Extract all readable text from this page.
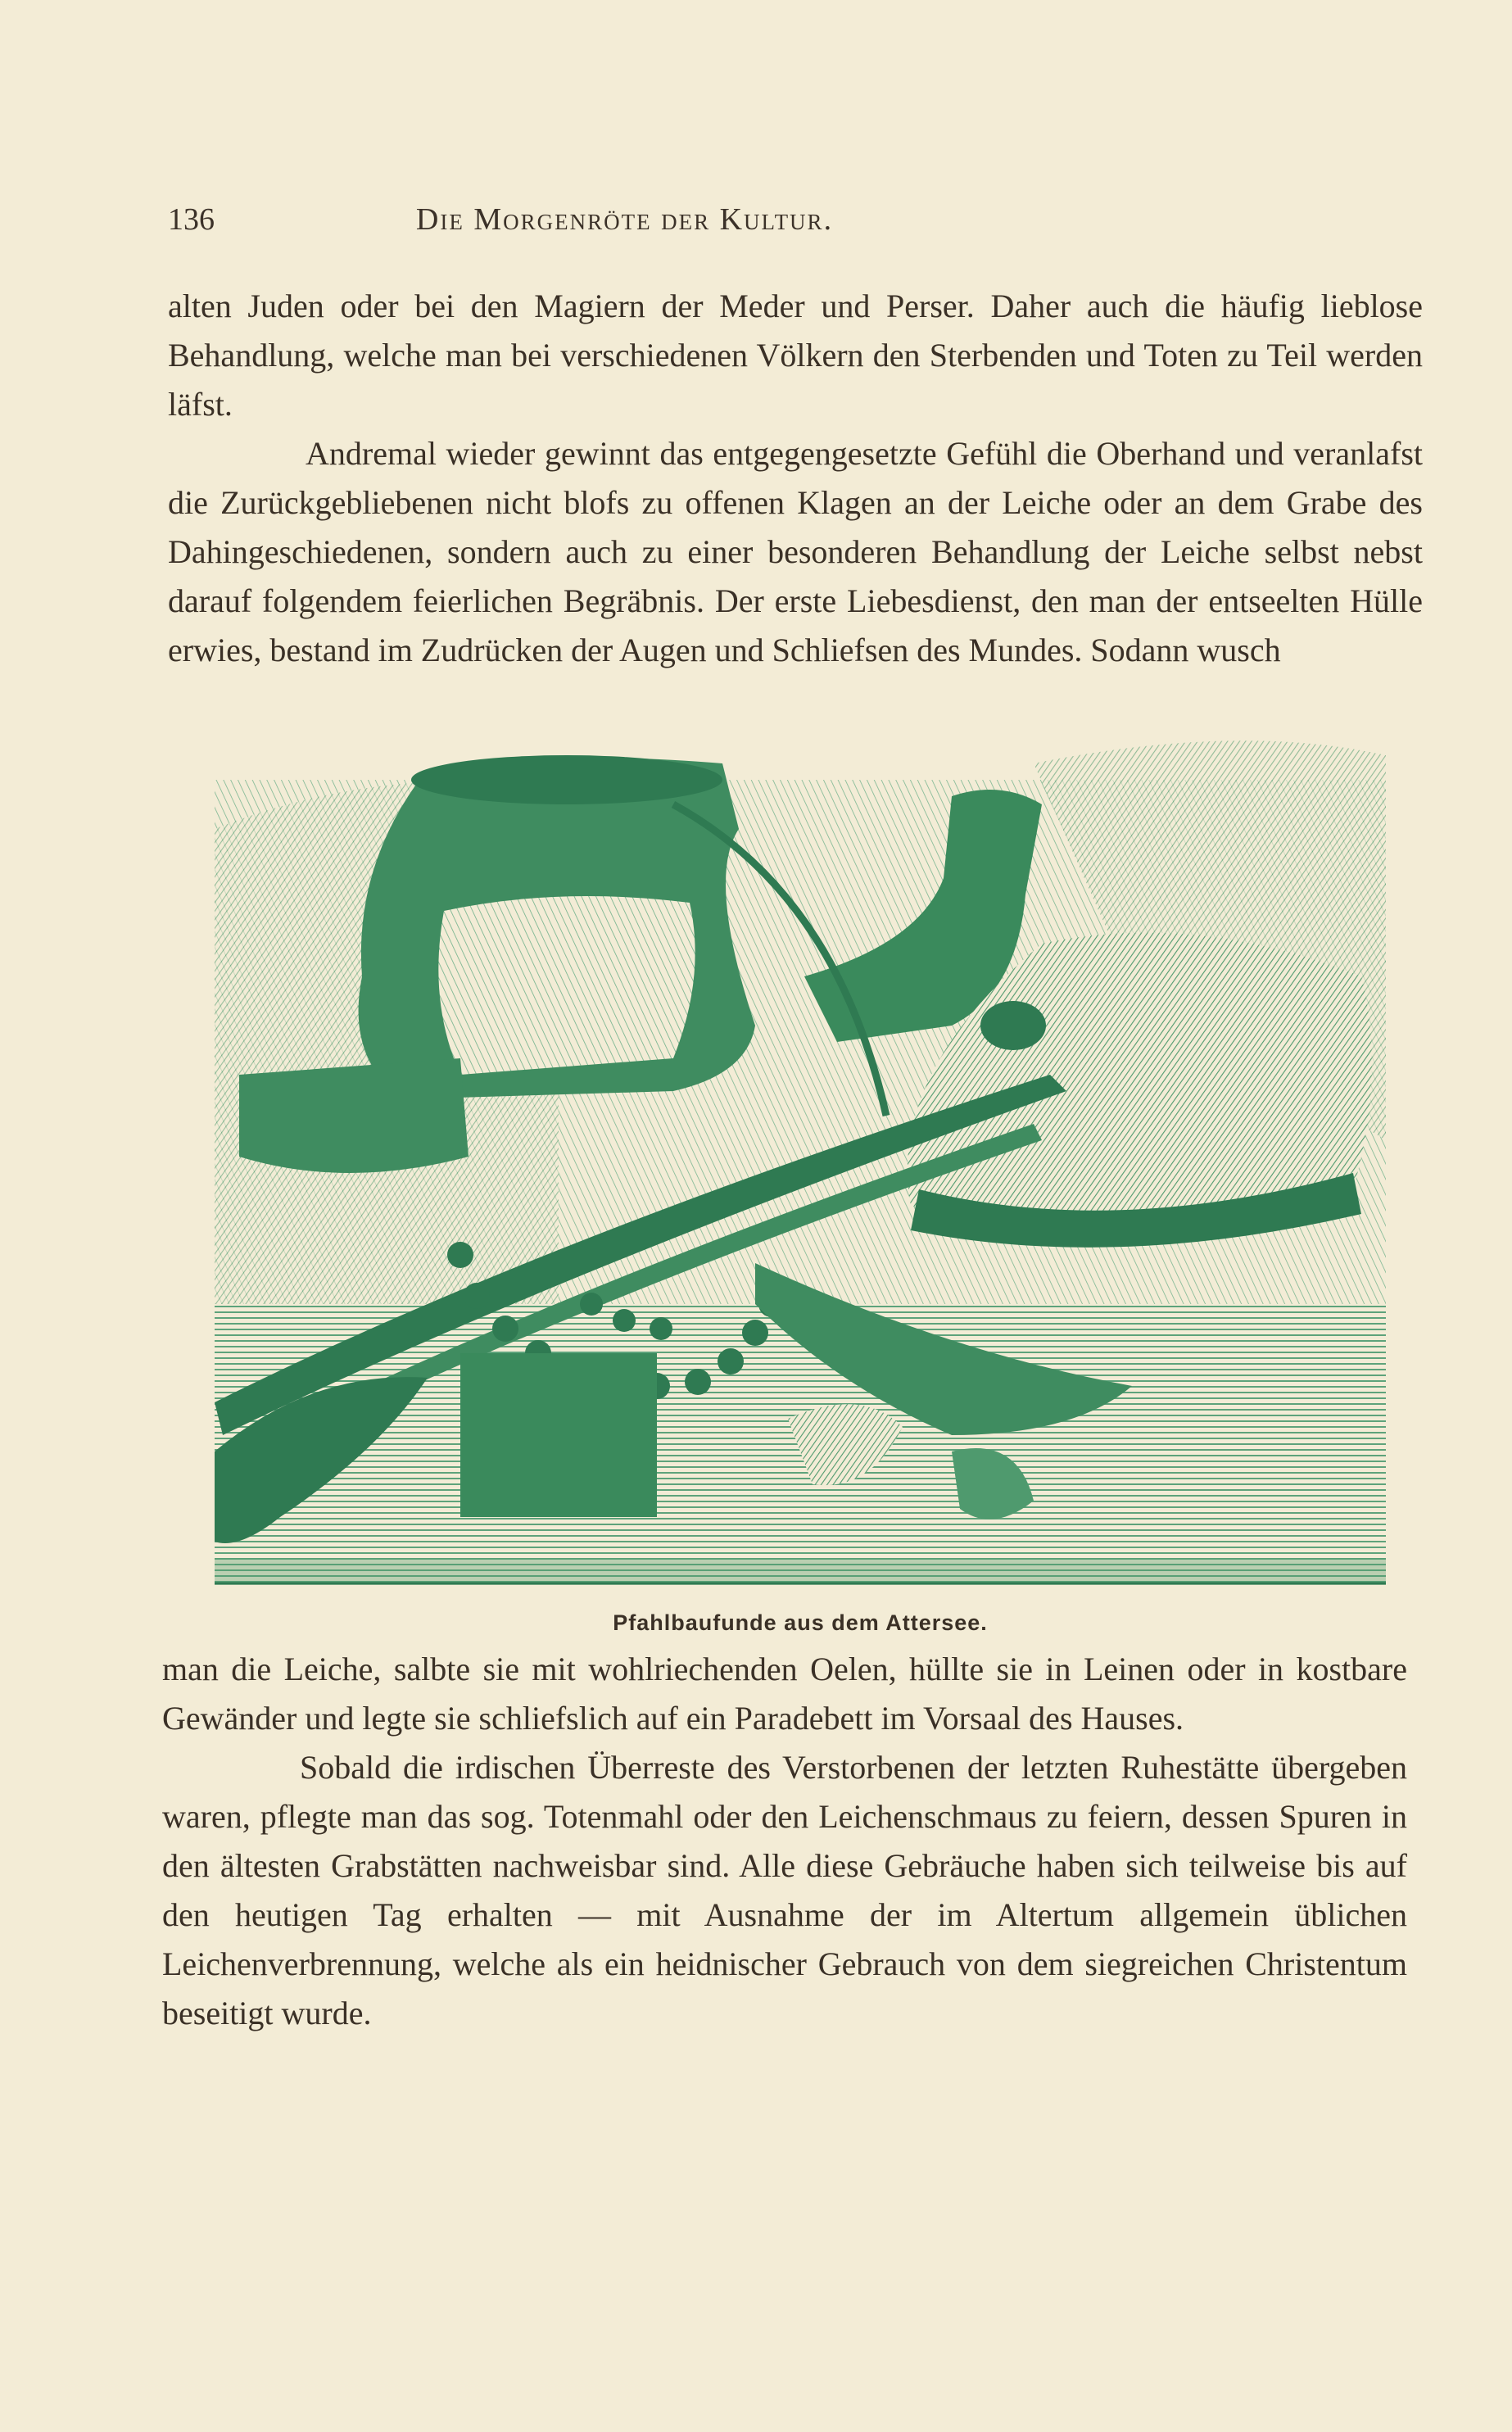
136	Die Morgenröte der Kultur.

alten Juden oder bei den Magiern der Meder und Perser. Daher auch die häufig lieblose Behandlung, welche man bei verschiedenen Völkern den Sterbenden und Toten zu Teil werden läfst.

Andremal wieder gewinnt das entgegengesetzte Gefühl die Oberhand und veranlafst die Zurückgebliebenen nicht blofs zu offenen Klagen an der Leiche oder an dem Grabe des Dahingeschiedenen, sondern auch zu einer besonderen Behandlung der Leiche selbst nebst darauf folgendem feierlichen Begräbnis. Der erste Liebesdienst, den man der entseelten Hülle erwies, bestand im Zudrücken der Augen und Schliefsen des Mundes. Sodann wusch

Pfahlbaufunde aus dem Attersee.

man die Leiche, salbte sie mit wohlriechenden Oelen, hüllte sie in Leinen oder in kostbare Gewänder und legte sie schliefslich auf ein Paradebett im Vorsaal des Hauses.

Sobald die irdischen Überreste des Verstorbenen der letzten Ruhestätte übergeben waren, pflegte man das sog. Totenmahl oder den Leichenschmaus zu feiern, dessen Spuren in den ältesten Grabstätten nachweisbar sind. Alle diese Gebräuche haben sich teilweise bis auf den heutigen Tag erhalten — mit Ausnahme der im Altertum allgemein üblichen Leichenverbrennung, welche als ein heidnischer Gebrauch von dem siegreichen Christentum beseitigt wurde.
